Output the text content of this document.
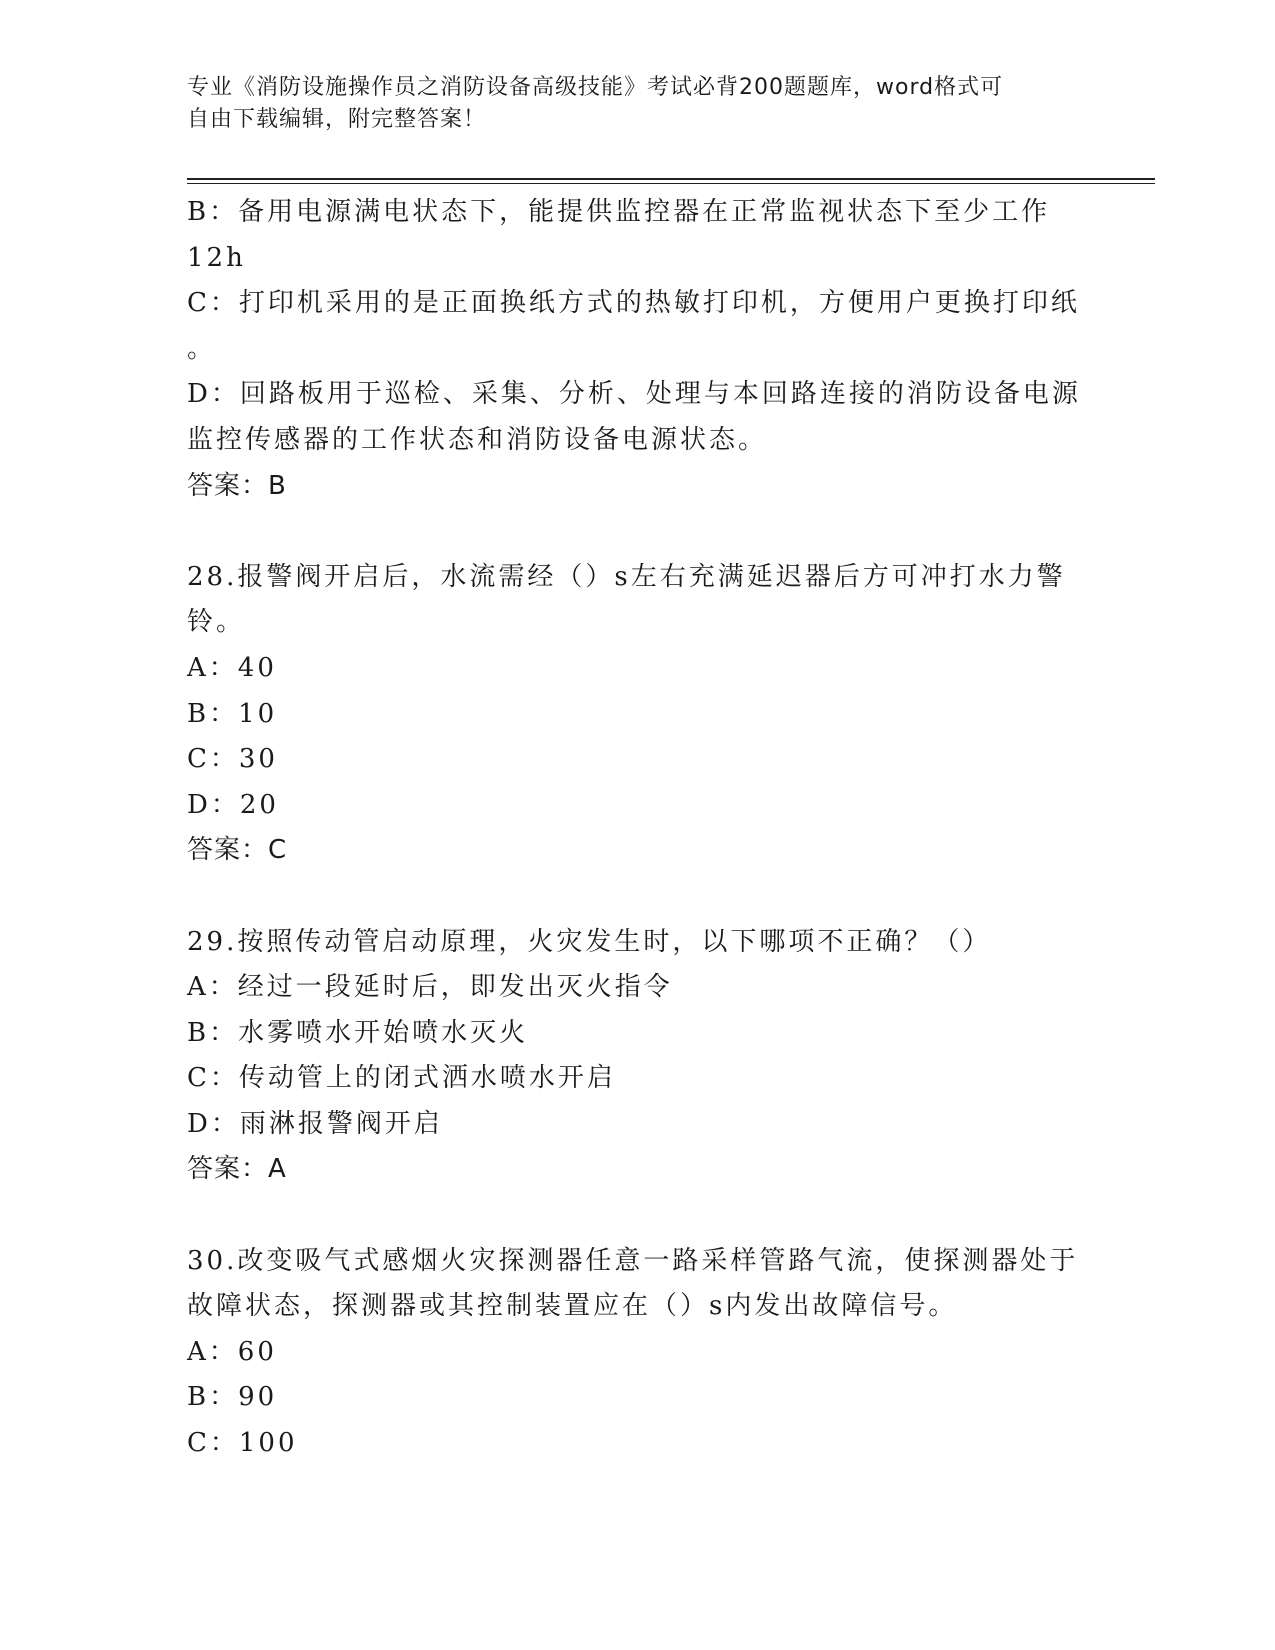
专业《消防设施操作员之消防设备高级技能》考试必背200题题库，word格式可
自由下载编辑，附完整答案！
B：备用电源满电状态下，能提供监控器在正常监视状态下至少工作
12h
C：打印机采用的是正面换纸方式的热敏打印机，方便用户更换打印纸
。
D：回路板用于巡检、采集、分析、处理与本回路连接的消防设备电源
监控传感器的工作状态和消防设备电源状态。
答案：B
28.报警阀开启后，水流需经（）s左右充满延迟器后方可冲打水力警
铃。
A：40
B：10
C：30
D：20
答案：C
29.按照传动管启动原理，火灾发生时，以下哪项不正确？（）
A：经过一段延时后，即发出灭火指令
B：水雾喷水开始喷水灭火
C：传动管上的闭式洒水喷水开启
D：雨淋报警阀开启
答案：A
30.改变吸气式感烟火灾探测器任意一路采样管路气流，使探测器处于
故障状态，探测器或其控制装置应在（）s内发出故障信号。
A：60
B：90
C：100
